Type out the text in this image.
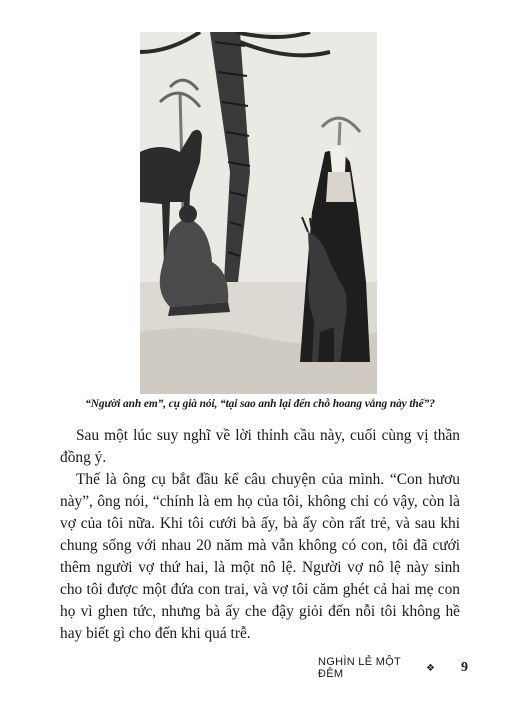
“Người anh em”, cụ già nói, “tại sao anh lại đến chỗ hoang vắng này thế”?

Sau một lúc suy nghĩ về lời thỉnh cầu này, cuối cùng vị thần đồng ý.

Thế là ông cụ bắt đầu kể câu chuyện của mình. “Con hươu này”, ông nói, “chính là em họ của tôi, không chỉ có vậy, còn là vợ của tôi nữa. Khi tôi cưới bà ấy, bà ấy còn rất trẻ, và sau khi chung sống với nhau 20 năm mà vẫn không có con, tôi đã cưới thêm người vợ thứ hai, là một nô lệ. Người vợ nô lệ này sinh cho tôi được một đứa con trai, và vợ tôi căm ghét cả hai mẹ con họ vì ghen tức, nhưng bà ấy che đậy giỏi đến nỗi tôi không hề hay biết gì cho đến khi quá trễ.

NGHÌN LẺ MỘT ĐÊM	❖ 9
